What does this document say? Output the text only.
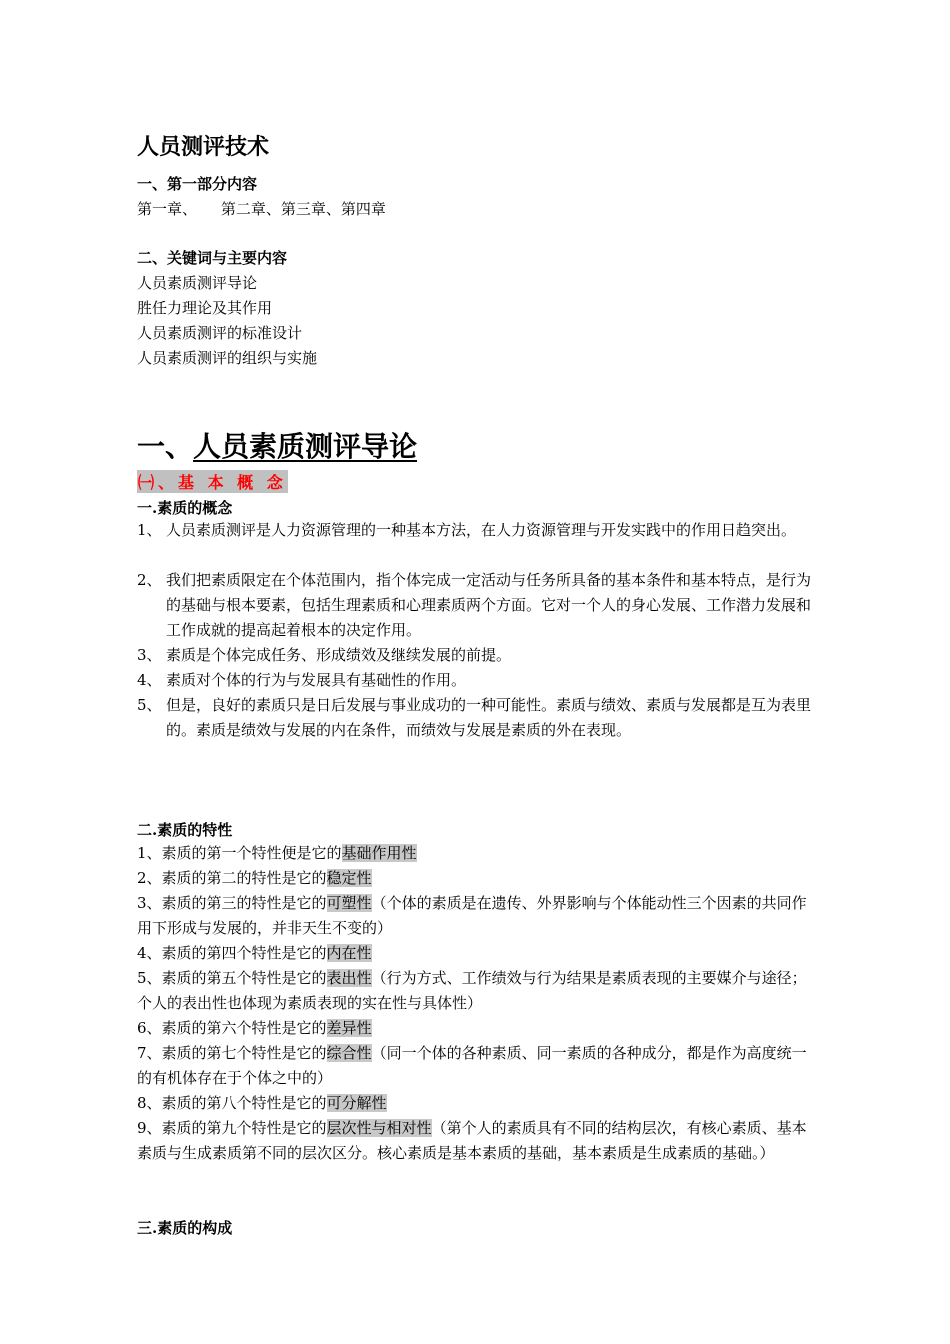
人员测评技术
一、第一部分内容
第一章、     第二章、第三章、第四章
二、关键词与主要内容
人员素质测评导论
胜任力理论及其作用
人员素质测评的标准设计
人员素质测评的组织与实施
一、人员素质测评导论
㈠、基 本 概 念
一.素质的概念
1、 人员素质测评是人力资源管理的一种基本方法，在人力资源管理与开发实践中的作用日趋突出。
2、 我们把素质限定在个体范围内，指个体完成一定活动与任务所具备的基本条件和基本特点，是行为的基础与根本要素，包括生理素质和心理素质两个方面。它对一个人的身心发展、工作潜力发展和工作成就的提高起着根本的决定作用。
3、 素质是个体完成任务、形成绩效及继续发展的前提。
4、 素质对个体的行为与发展具有基础性的作用。
5、 但是，良好的素质只是日后发展与事业成功的一种可能性。素质与绩效、素质与发展都是互为表里的。素质是绩效与发展的内在条件，而绩效与发展是素质的外在表现。
二.素质的特性
1、素质的第一个特性便是它的基础作用性
2、素质的第二的特性是它的稳定性
3、素质的第三的特性是它的可塑性（个体的素质是在遗传、外界影响与个体能动性三个因素的共同作用下形成与发展的，并非天生不变的）
4、素质的第四个特性是它的内在性
5、素质的第五个特性是它的表出性（行为方式、工作绩效与行为结果是素质表现的主要媒介与途径；个人的表出性也体现为素质表现的实在性与具体性）
6、素质的第六个特性是它的差异性
7、素质的第七个特性是它的综合性（同一个体的各种素质、同一素质的各种成分，都是作为高度统一的有机体存在于个体之中的）
8、素质的第八个特性是它的可分解性
9、素质的第九个特性是它的层次性与相对性（第个人的素质具有不同的结构层次，有核心素质、基本素质与生成素质第不同的层次区分。核心素质是基本素质的基础，基本素质是生成素质的基础。）
三.素质的构成
